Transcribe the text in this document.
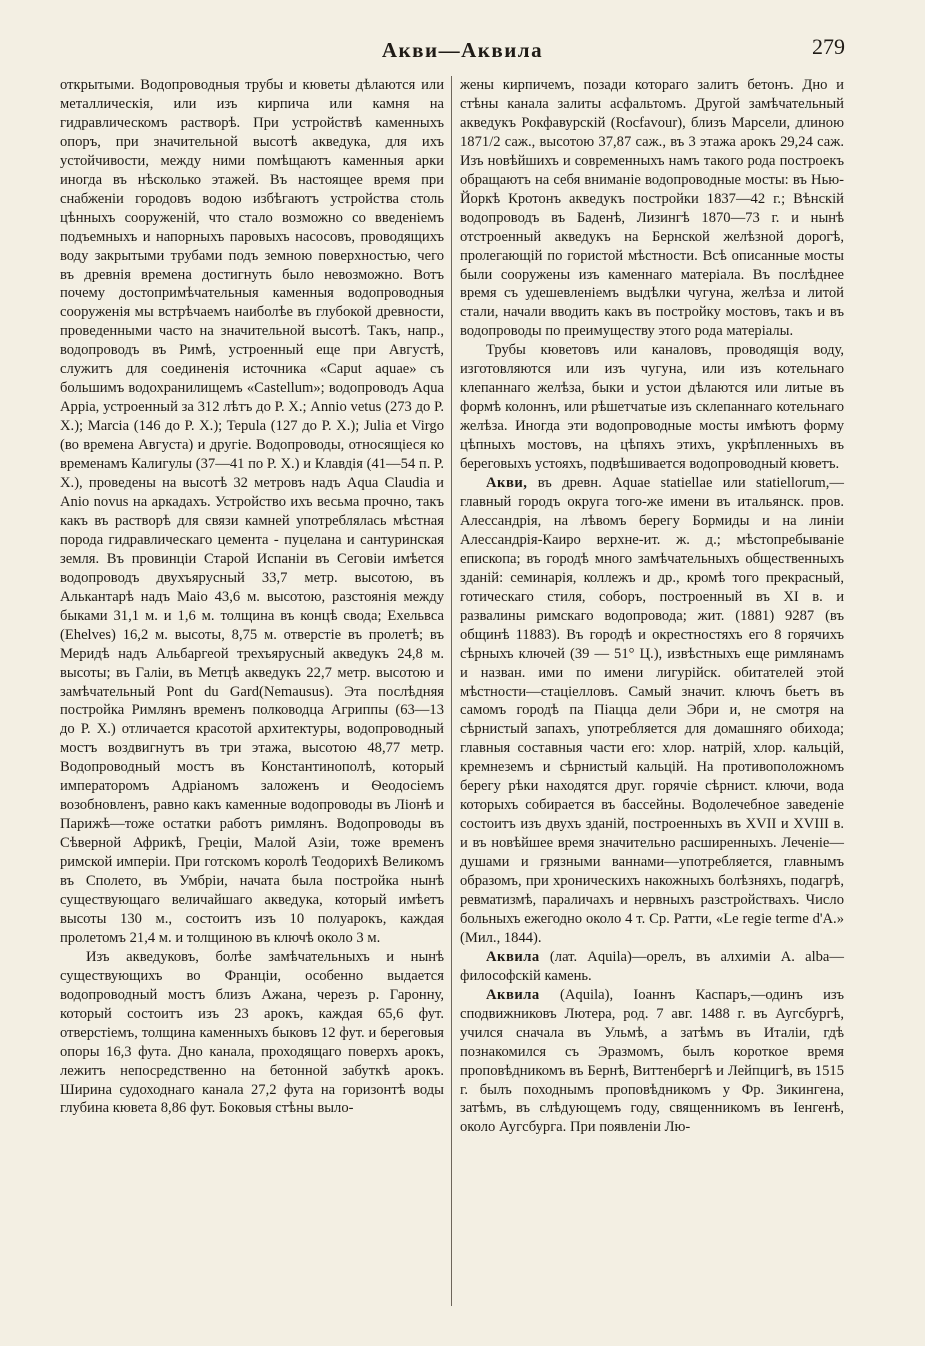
Акви—Аквила	279

открытыми. Водопроводныя трубы и кюветы дѣлаются или металлическія, или изъ кирпича или камня на гидравлическомъ растворѣ. При устройствѣ каменныхъ опоръ, при значительной высотѣ акведука, для ихъ устойчивости, между ними помѣщаютъ каменныя арки иногда въ нѣсколько этажей. Въ настоящее время при снабженіи городовъ водою избѣгаютъ устройства столь цѣнныхъ сооруженій, что стало возможно со введеніемъ подъемныхъ и напорныхъ паровыхъ насосовъ, проводящихъ воду закрытыми трубами подъ земною поверхностью, чего въ древнія времена достигнуть было невозможно. Вотъ почему достопримѣчательныя каменныя водопроводныя сооруженія мы встрѣчаемъ наиболѣе въ глубокой древности, проведенными часто на значительной высотѣ. Такъ, напр., водопроводъ въ Римѣ, устроенный еще при Августѣ, служитъ для соединенія источника «Caput aquae» съ большимъ водохранилищемъ «Castellum»; водопроводъ Aqua Appia, устроенный за 312 лѣтъ до Р. Х.; Annio vetus (273 до Р. Х.); Marcia (146 до Р. Х.); Tepula (127 до Р. Х.); Julia et Virgo (во времена Августа) и другіе. Водопроводы, относящіеся ко временамъ Калигулы (37—41 по Р. Х.) и Клавдія (41—54 п. Р. Х.), проведены на высотѣ 32 метровъ надъ Aqua Claudia и Anio novus на аркадахъ. Устройство ихъ весьма прочно, такъ какъ въ растворѣ для связи камней употреблялась мѣстная порода гидравлическаго цемента - пуцелана и сантуринская земля. Въ провинціи Старой Испаніи въ Сеговіи имѣется водопроводъ двухъярусный 33,7 метр. высотою, въ Алькантарѣ надъ Maio 43,6 м. высотою, разстоянія между быками 31,1 м. и 1,6 м. толщина въ концѣ свода; Exельвса (Ehelves) 16,2 м. высоты, 8,75 м. отверстіе въ пролетѣ; въ Меридѣ надъ Альбаргеой трехъярусный акведукъ 24,8 м. высоты; въ Галіи, въ Метцѣ акведукъ 22,7 метр. высотою и замѣчательный Pont du Gard(Nemausus). Эта послѣдняя постройка Римлянъ временъ полководца Агриппы (63—13 до Р. Х.) отличается красотой архитектуры, водопроводный мостъ воздвигнутъ въ три этажа, высотою 48,77 метр. Водопроводный мостъ въ Константинополѣ, который императоромъ Адріаномъ заложенъ и Ѳеодосіемъ возобновленъ, равно какъ каменные водопроводы въ Ліонѣ и Парижѣ—тоже остатки работъ римлянъ. Водопроводы въ Сѣверной Африкѣ, Греціи, Малой Азіи, тоже временъ римской имперіи. При готскомъ королѣ Теодорихѣ Великомъ въ Сполето, въ Умбріи, начата была постройка нынѣ существующаго величайшаго акведука, который имѣетъ высоты 130 м., состоитъ изъ 10 полуарокъ, каждая пролетомъ 21,4 м. и толщиною въ ключѣ около 3 м.

Изъ акведуковъ, болѣе замѣчательныхъ и нынѣ существующихъ во Франціи, особенно выдается водопроводный мостъ близъ Ажана, черезъ р. Гаронну, который состоитъ изъ 23 арокъ, каждая 65,6 фут. отверстіемъ, толщина каменныхъ быковъ 12 фут. и береговыя опоры 16,3 фута. Дно канала, проходящаго поверхъ арокъ, лежитъ непосредственно на бетонной забуткѣ арокъ. Ширина судоходнаго канала 27,2 фута на горизонтѣ воды глубина кювета 8,86 фут. Боковыя стѣны выло-

жены кирпичемъ, позади котораго залитъ бетонъ. Дно и стѣны канала залиты асфальтомъ. Другой замѣчательный акведукъ Рокфавурскій (Roсfavour), близъ Марсели, длиною 1871/2 саж., высотою 37,87 саж., въ 3 этажа арокъ 29,24 саж. Изъ новѣйшихъ и современныхъ намъ такого рода построекъ обращаютъ на себя вниманіе водопроводные мосты: въ Нью-Йоркѣ Кротонъ акведукъ постройки 1837—42 г.; Вѣнскій водопроводъ въ Баденѣ, Лизингѣ 1870—73 г. и нынѣ отстроенный акведукъ на Бернской желѣзной дорогѣ, пролегающій по гористой мѣстности. Всѣ описанные мосты были сооружены изъ каменнаго матеріала. Въ послѣднее время съ удешевленіемъ выдѣлки чугуна, желѣза и литой стали, начали вводить какъ въ постройку мостовъ, такъ и въ водопроводы по преимуществу этого рода матеріалы.

Трубы кюветовъ или каналовъ, проводящія воду, изготовляются или изъ чугуна, или изъ котельнаго клепаннаго желѣза, быки и устои дѣлаются или литые въ формѣ колоннъ, или рѣшетчатые изъ склепаннаго котельнаго желѣза. Иногда эти водопроводные мосты имѣютъ форму цѣпныхъ мостовъ, на цѣпяхъ этихъ, укрѣпленныхъ въ береговыхъ устояхъ, подвѣшивается водопроводный кюветъ.

Акви, въ древн. Aquae statiellae или statiellorum,—главный городъ округа того-же имени въ итальянск. пров. Алессандрія, на лѣвомъ берегу Бормиды и на линіи Алессандрія-Каиро верхне-ит. ж. д.; мѣстопребываніе епископа; въ городѣ много замѣчательныхъ общественныхъ зданій: семинарія, коллежъ и др., кромѣ того прекрасный, готическаго стиля, соборъ, построенный въ XI в. и развалины римскаго водопровода; жит. (1881) 9287 (въ общинѣ 11883). Въ городѣ и окрестностяхъ его 8 горячихъ сѣрныхъ ключей (39 — 51° Ц.), извѣстныхъ еще римлянамъ и назван. ими по имени лигурійск. обитателей этой мѣстности—стаціелловъ. Самый значит. ключъ бьетъ въ самомъ городѣ па Піацца дели Эбри и, не смотря на сѣрнистый запахъ, употребляется для домашняго обихода; главныя составныя части его: хлор. натрій, хлор. кальцій, кремнеземъ и сѣрнистый кальцій. На противоположномъ берегу рѣки находятся друг. горячіе сѣрнист. ключи, вода которыхъ собирается въ бассейны. Водолечебное заведеніе состоитъ изъ двухъ зданій, построенныхъ въ XVII и XVIII в. и въ новѣйшее время значительно расширенныхъ. Леченіе—душами и грязными ваннами—употребляется, главнымъ образомъ, при хроническихъ накожныхъ болѣзняхъ, подагрѣ, ревматизмѣ, параличахъ и нервныхъ разстройствахъ. Число больныхъ ежегодно около 4 т. Ср. Ратти, «Le regie terme d'A.» (Мил., 1844).

Аквила (лат. Aquila)—орелъ, въ алхиміи A. alba—философскій камень.

Аквила (Aquila), Іоаннъ Каспаръ,—одинъ изъ сподвижниковъ Лютера, род. 7 авг. 1488 г. въ Аугсбургѣ, учился сначала въ Ульмѣ, а затѣмъ въ Италіи, гдѣ познакомился съ Эразмомъ, былъ короткое время проповѣдникомъ въ Бернѣ, Виттенбергѣ и Лейпцигѣ, въ 1515 г. былъ походнымъ проповѣдникомъ у Фр. Зикингена, затѣмъ, въ слѣдующемъ году, священникомъ въ Іенгенѣ, около Аугсбурга. При появленіи Лю-
